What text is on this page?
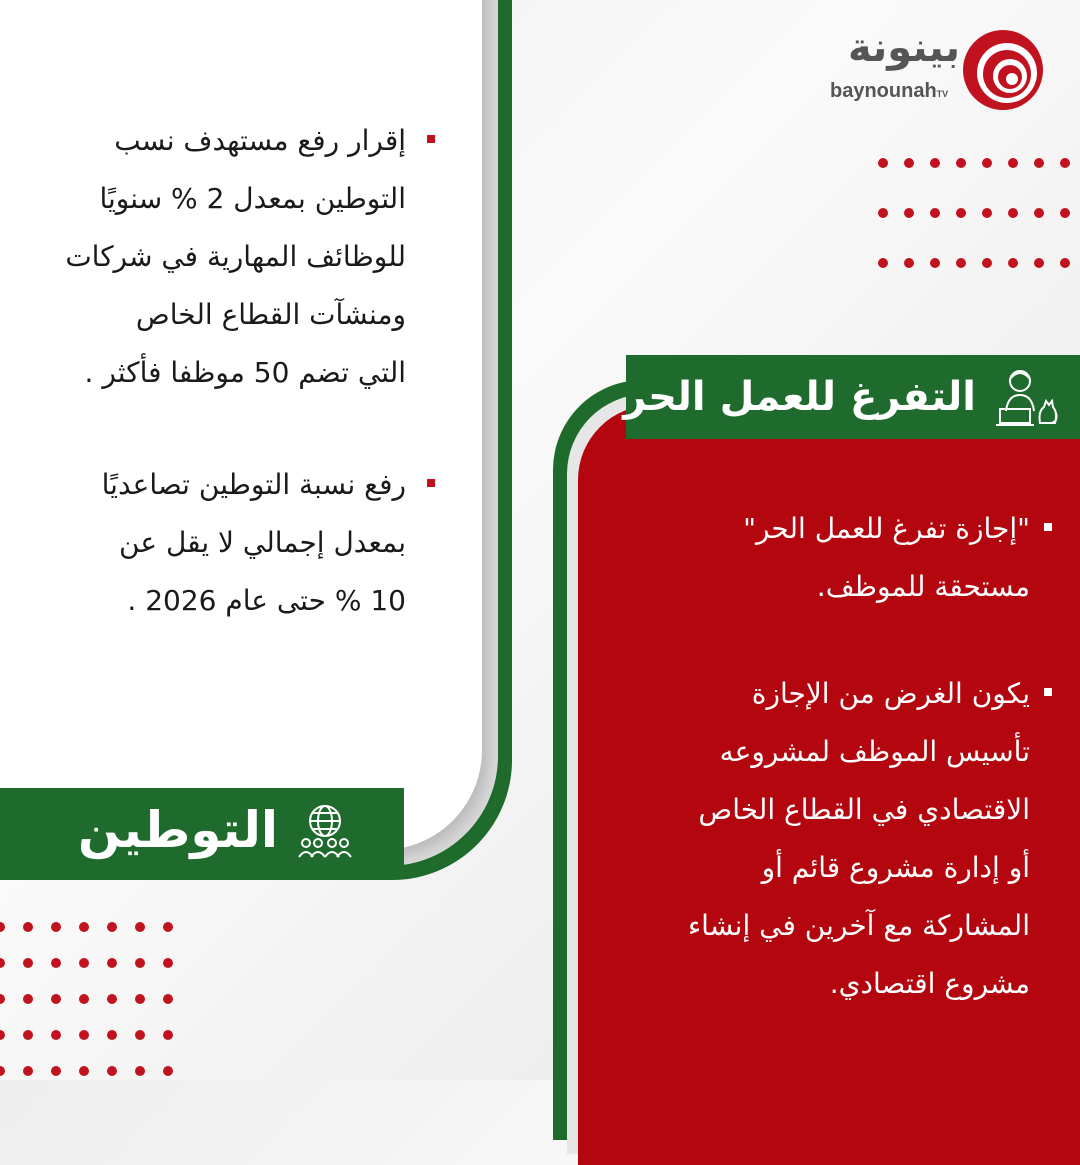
بينونة
baynounahTV
إقرار رفع مستهدف نسب
التوطين بمعدل 2 % سنويًا
للوظائف المهارية في شركات
ومنشآت القطاع الخاص
التي تضم 50 موظفا فأكثر .
رفع نسبة التوطين تصاعديًا
بمعدل إجمالي لا يقل عن
10 % حتى عام 2026 .
التوطين
التفرغ للعمل الحر
"إجازة تفرغ للعمل الحر"
مستحقة للموظف.
يكون الغرض من الإجازة
تأسيس الموظف لمشروعه
الاقتصادي في القطاع الخاص
أو إدارة مشروع قائم أو
المشاركة مع آخرين في إنشاء
مشروع اقتصادي.
